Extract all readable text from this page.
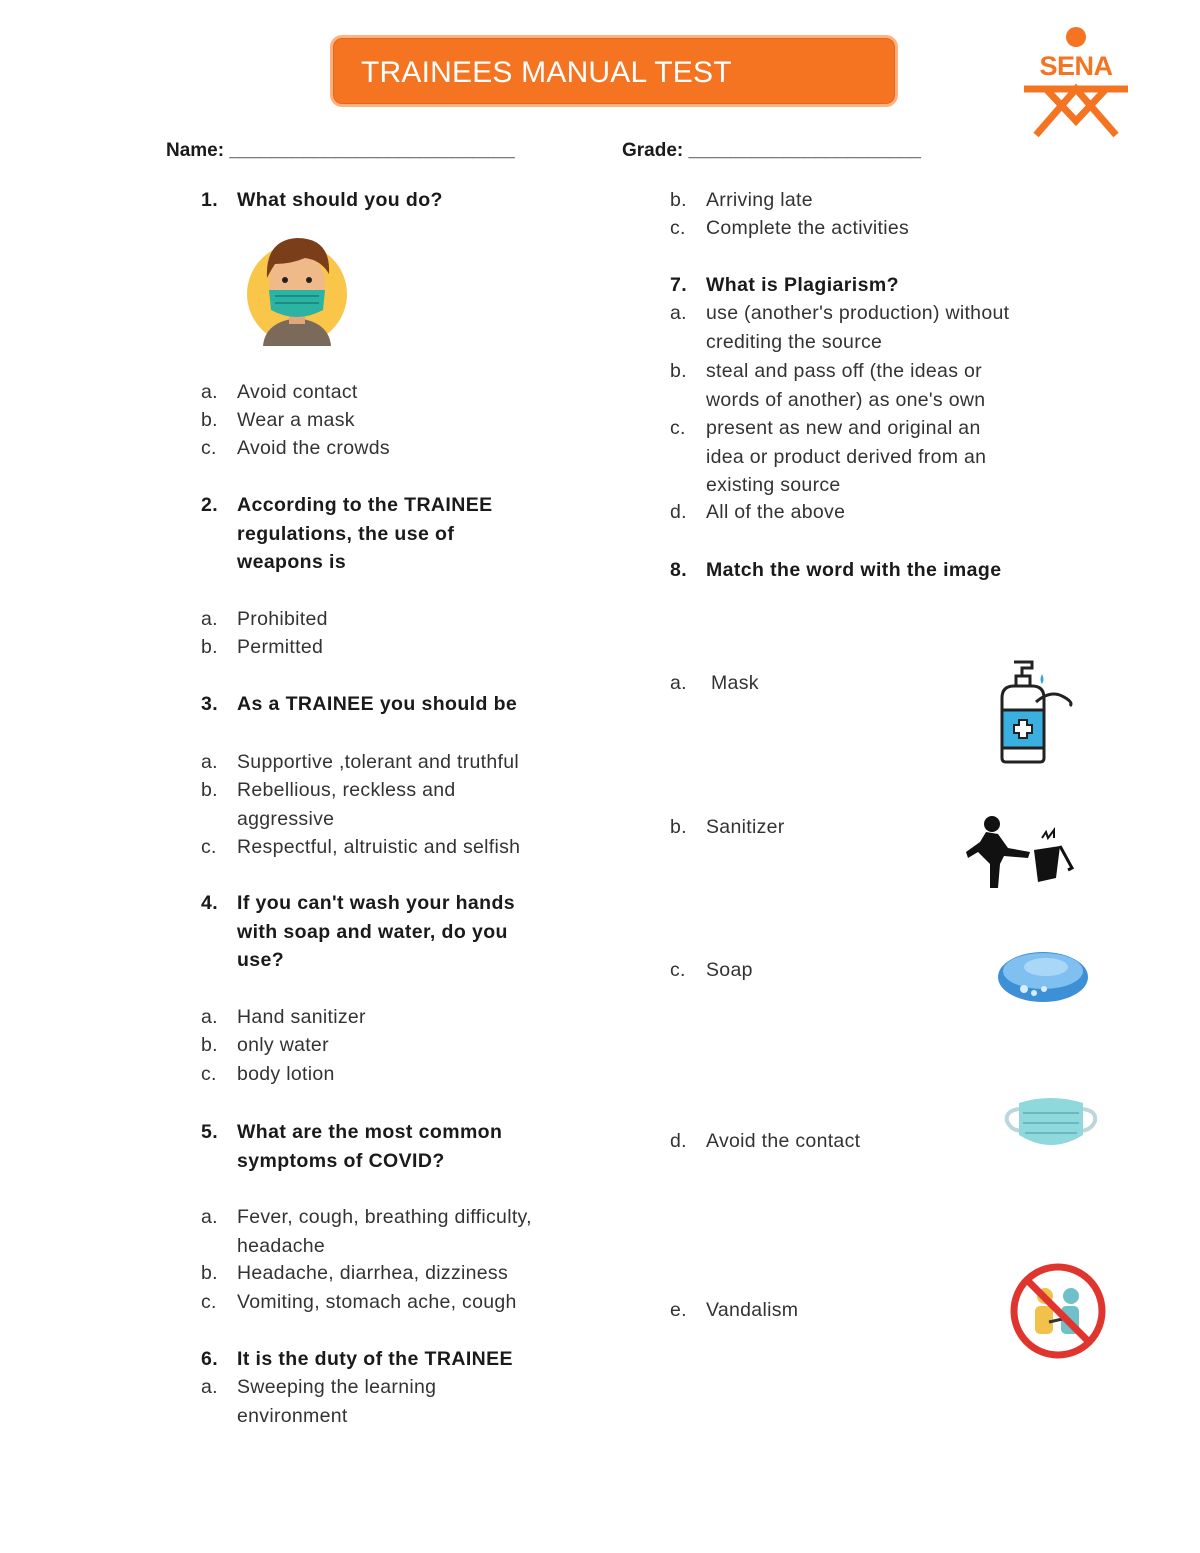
TRAINEES MANUAL TEST	SENA
Name: ___________________________	Grade: ______________________
1. What should you do?
a. Avoid contact
b. Wear a mask
c. Avoid the crowds
2. According to the TRAINEE regulations, the use of weapons is
a. Prohibited
b. Permitted
3. As a TRAINEE you should be
a. Supportive ,tolerant and truthful
b. Rebellious, reckless and aggressive
c. Respectful, altruistic and selfish
4. If you can't wash your hands with soap and water, do you use?
a. Hand sanitizer
b. only water
c. body lotion
5. What are the most common symptoms of COVID?
a. Fever, cough, breathing difficulty, headache
b. Headache, diarrhea, dizziness
c. Vomiting, stomach ache, cough
6. It is the duty of the TRAINEE
a. Sweeping the learning environment
b. Arriving late
c. Complete the activities
7. What is Plagiarism?
a. use (another's production) without crediting the source
b. steal and pass off (the ideas or words of another) as one's own
c. present as new and original an idea or product derived from an existing source
d. All of the above
8. Match the word with the image
a. Mask
b. Sanitizer
c. Soap
d. Avoid the contact
e. Vandalism
